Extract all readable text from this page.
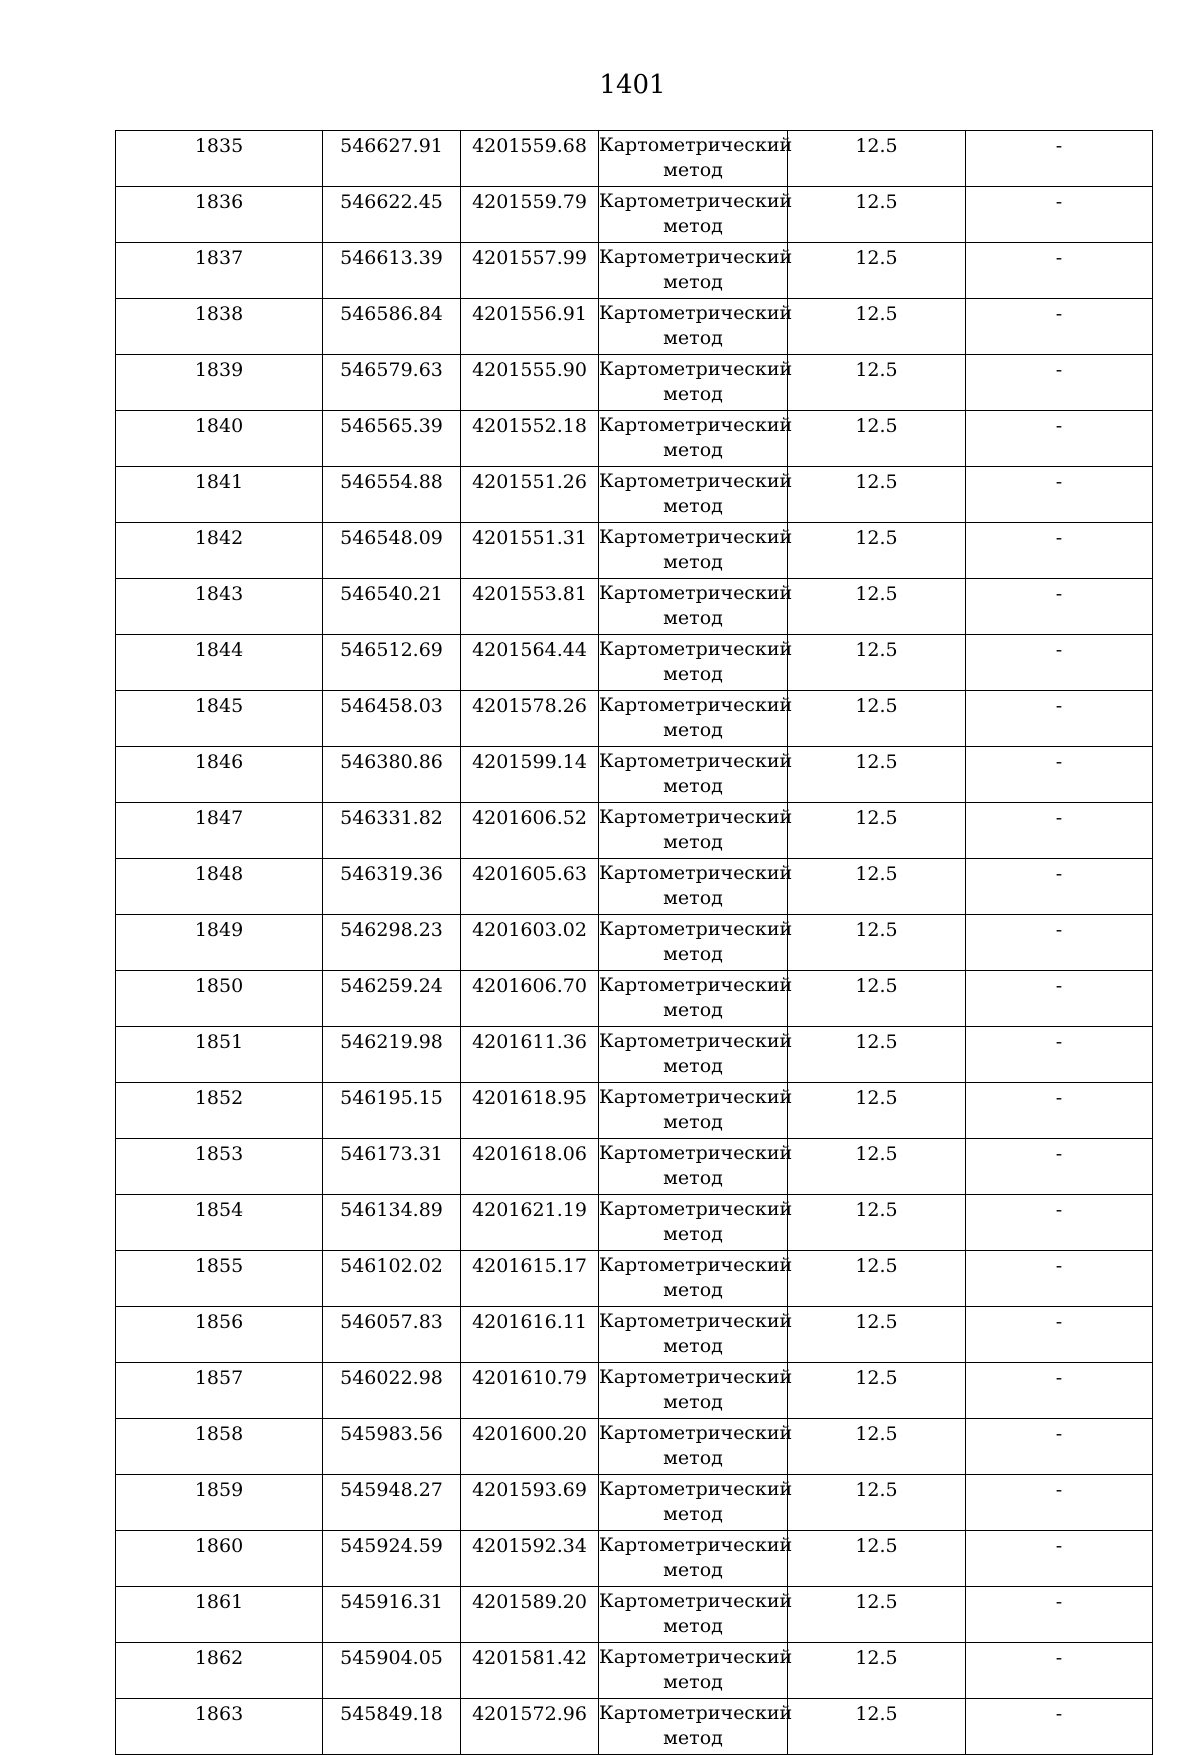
1401
1835	546627.91	4201559.68	Картометрический
метод	12.5	-
1836	546622.45	4201559.79	Картометрический
метод	12.5	-
1837	546613.39	4201557.99	Картометрический
метод	12.5	-
1838	546586.84	4201556.91	Картометрический
метод	12.5	-
1839	546579.63	4201555.90	Картометрический
метод	12.5	-
1840	546565.39	4201552.18	Картометрический
метод	12.5	-
1841	546554.88	4201551.26	Картометрический
метод	12.5	-
1842	546548.09	4201551.31	Картометрический
метод	12.5	-
1843	546540.21	4201553.81	Картометрический
метод	12.5	-
1844	546512.69	4201564.44	Картометрический
метод	12.5	-
1845	546458.03	4201578.26	Картометрический
метод	12.5	-
1846	546380.86	4201599.14	Картометрический
метод	12.5	-
1847	546331.82	4201606.52	Картометрический
метод	12.5	-
1848	546319.36	4201605.63	Картометрический
метод	12.5	-
1849	546298.23	4201603.02	Картометрический
метод	12.5	-
1850	546259.24	4201606.70	Картометрический
метод	12.5	-
1851	546219.98	4201611.36	Картометрический
метод	12.5	-
1852	546195.15	4201618.95	Картометрический
метод	12.5	-
1853	546173.31	4201618.06	Картометрический
метод	12.5	-
1854	546134.89	4201621.19	Картометрический
метод	12.5	-
1855	546102.02	4201615.17	Картометрический
метод	12.5	-
1856	546057.83	4201616.11	Картометрический
метод	12.5	-
1857	546022.98	4201610.79	Картометрический
метод	12.5	-
1858	545983.56	4201600.20	Картометрический
метод	12.5	-
1859	545948.27	4201593.69	Картометрический
метод	12.5	-
1860	545924.59	4201592.34	Картометрический
метод	12.5	-
1861	545916.31	4201589.20	Картометрический
метод	12.5	-
1862	545904.05	4201581.42	Картометрический
метод	12.5	-
1863	545849.18	4201572.96	Картометрический
метод	12.5	-
